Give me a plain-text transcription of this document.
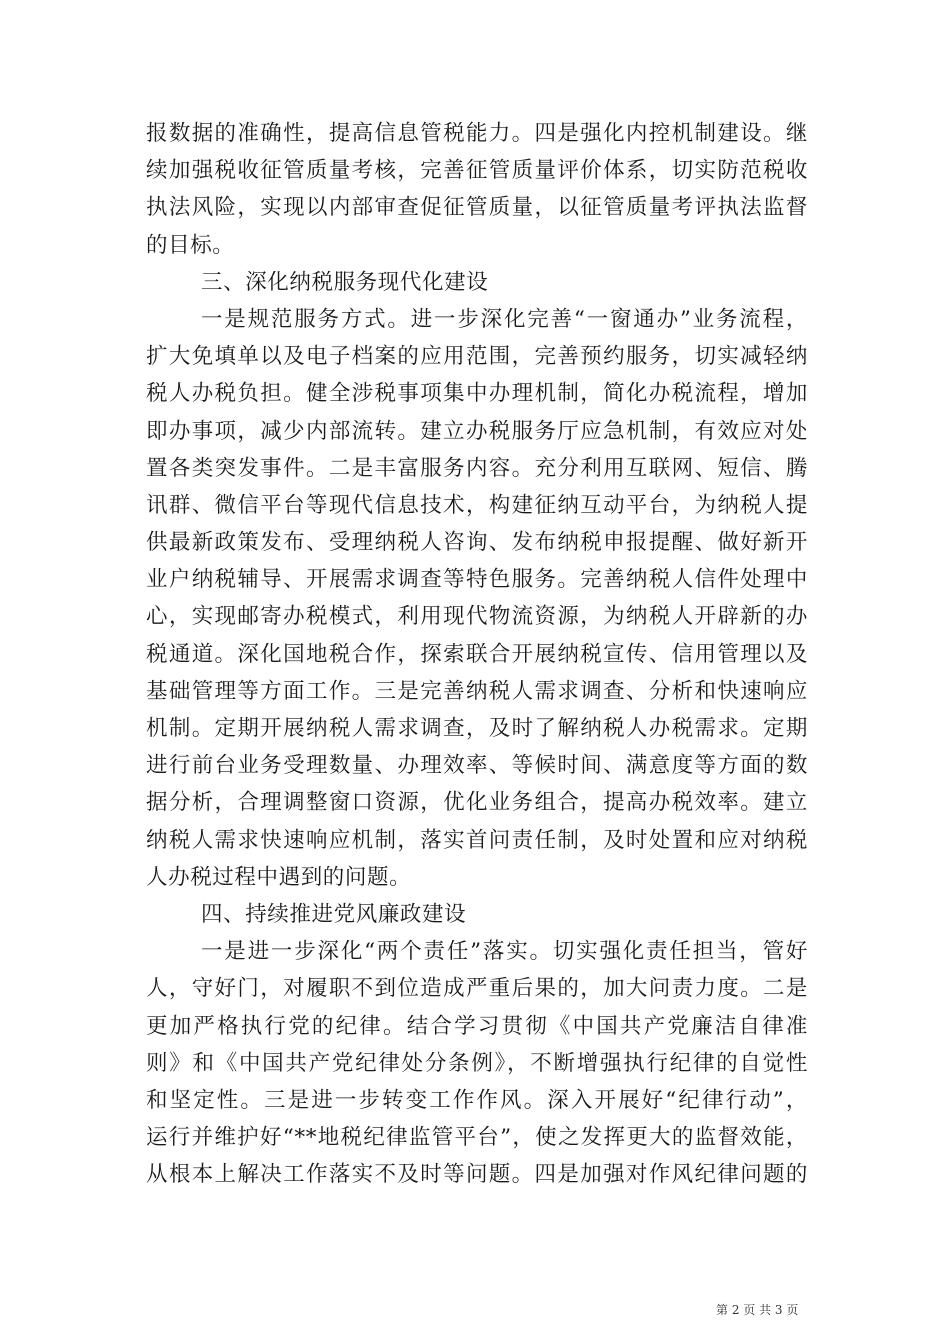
报数据的准确性，提高信息管税能力。四是强化内控机制建设。继
续加强税收征管质量考核，完善征管质量评价体系，切实防范税收
执法风险，实现以内部审查促征管质量，以征管质量考评执法监督
的目标。
三、深化纳税服务现代化建设
一是规范服务方式。进一步深化完善“一窗通办”业务流程，
扩大免填单以及电子档案的应用范围，完善预约服务，切实减轻纳
税人办税负担。健全涉税事项集中办理机制，简化办税流程，增加
即办事项，减少内部流转。建立办税服务厅应急机制，有效应对处
置各类突发事件。二是丰富服务内容。充分利用互联网、短信、腾
讯群、微信平台等现代信息技术，构建征纳互动平台，为纳税人提
供最新政策发布、受理纳税人咨询、发布纳税申报提醒、做好新开
业户纳税辅导、开展需求调查等特色服务。完善纳税人信件处理中
心，实现邮寄办税模式，利用现代物流资源，为纳税人开辟新的办
税通道。深化国地税合作，探索联合开展纳税宣传、信用管理以及
基础管理等方面工作。三是完善纳税人需求调查、分析和快速响应
机制。定期开展纳税人需求调查，及时了解纳税人办税需求。定期
进行前台业务受理数量、办理效率、等候时间、满意度等方面的数
据分析，合理调整窗口资源，优化业务组合，提高办税效率。建立
纳税人需求快速响应机制，落实首问责任制，及时处置和应对纳税
人办税过程中遇到的问题。
四、持续推进党风廉政建设
一是进一步深化“两个责任”落实。切实强化责任担当，管好
人，守好门，对履职不到位造成严重后果的，加大问责力度。二是
更加严格执行党的纪律。结合学习贯彻《中国共产党廉洁自律准
则》和《中国共产党纪律处分条例》，不断增强执行纪律的自觉性
和坚定性。三是进一步转变工作作风。深入开展好“纪律行动”，
运行并维护好“**地税纪律监管平台”，使之发挥更大的监督效能，
从根本上解决工作落实不及时等问题。四是加强对作风纪律问题的
第 2 页 共 3 页
